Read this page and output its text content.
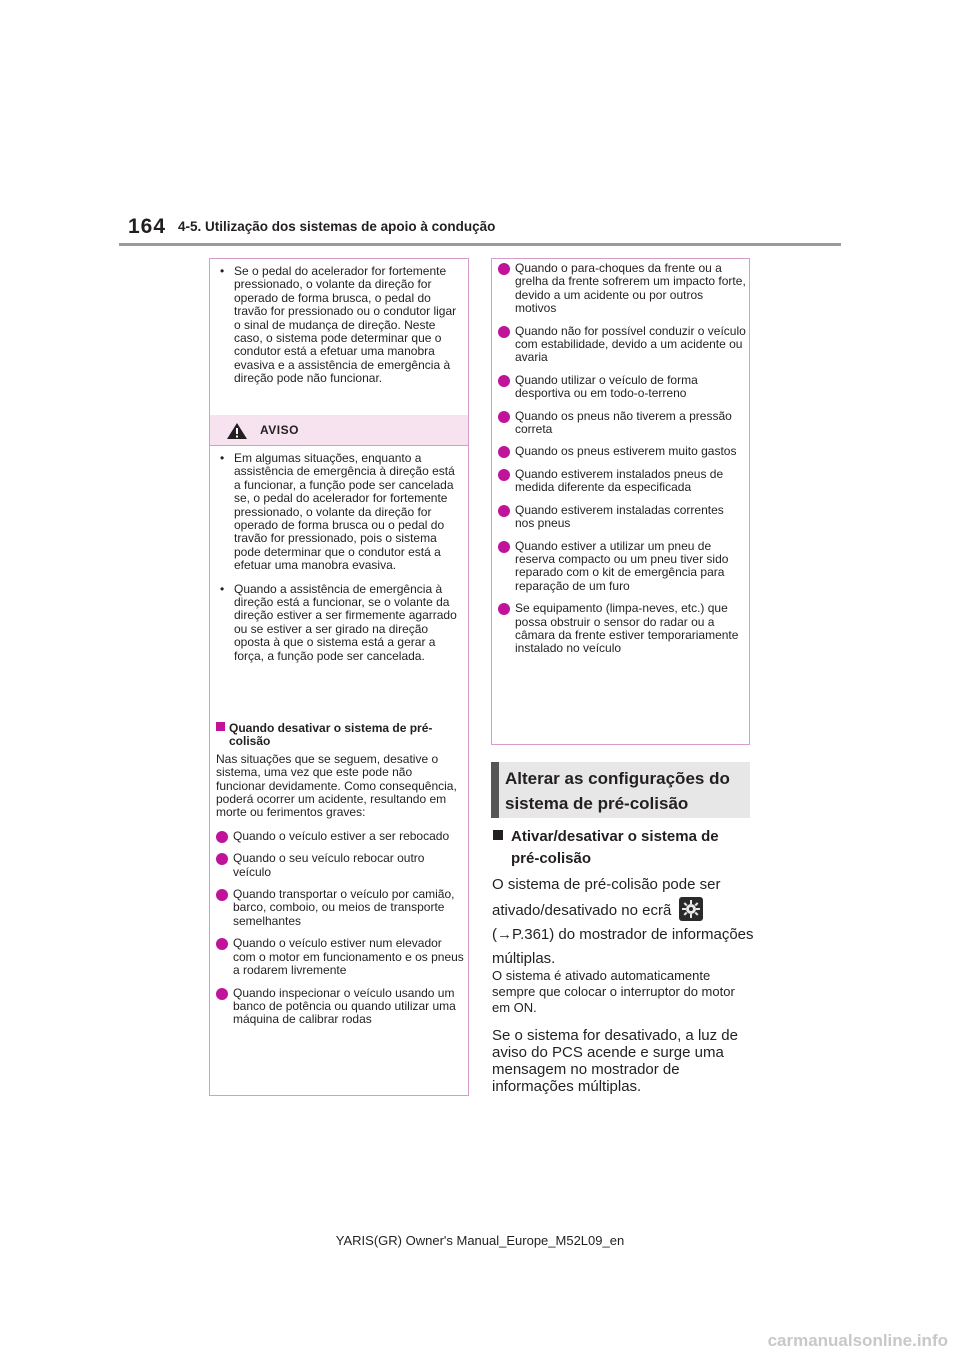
164 4-5. Utilização dos sistemas de apoio à condução
• Se o pedal do acelerador for fortemente pressionado, o volante da direção for operado de forma brusca, o pedal do travão for pressionado ou o condutor ligar o sinal de mudança de direção. Neste caso, o sistema pode determinar que o condutor está a efetuar uma manobra evasiva e a assistência de emergência à direção pode não funcionar.
AVISO
• Em algumas situações, enquanto a assistência de emergência à direção está a funcionar, a função pode ser cancelada se, o pedal do acelerador for fortemente pressionado, o volante da direção for operado de forma brusca ou o pedal do travão for pressionado, pois o sistema pode determinar que o condutor está a efetuar uma manobra evasiva.
• Quando a assistência de emergência à direção está a funcionar, se o volante da direção estiver a ser firmemente agarrado ou se estiver a ser girado na direção oposta à que o sistema está a gerar a força, a função pode ser cancelada.
Quando desativar o sistema de pré-colisão
Nas situações que se seguem, desative o sistema, uma vez que este pode não funcionar devidamente. Como consequência, poderá ocorrer um acidente, resultando em morte ou ferimentos graves:
Quando o veículo estiver a ser rebocado
Quando o seu veículo rebocar outro veículo
Quando transportar o veículo por camião, barco, comboio, ou meios de transporte semelhantes
Quando o veículo estiver num elevador com o motor em funcionamento e os pneus a rodarem livremente
Quando inspecionar o veículo usando um banco de potência ou quando utilizar uma máquina de calibrar rodas
Quando o para-choques da frente ou a grelha da frente sofrerem um impacto forte, devido a um acidente ou por outros motivos
Quando não for possível conduzir o veículo com estabilidade, devido a um acidente ou avaria
Quando utilizar o veículo de forma desportiva ou em todo-o-terreno
Quando os pneus não tiverem a pressão correta
Quando os pneus estiverem muito gastos
Quando estiverem instalados pneus de medida diferente da especificada
Quando estiverem instaladas correntes nos pneus
Quando estiver a utilizar um pneu de reserva compacto ou um pneu tiver sido reparado com o kit de emergência para reparação de um furo
Se equipamento (limpa-neves, etc.) que possa obstruir o sensor do radar ou a câmara da frente estiver temporariamente instalado no veículo
Alterar as configurações do sistema de pré-colisão
Ativar/desativar o sistema de
pré-colisão
O sistema de pré-colisão pode ser ativado/desativado no ecrã
(→P.361) do mostrador de informações múltiplas.
O sistema é ativado automaticamente sempre que colocar o interruptor do motor em ON.
Se o sistema for desativado, a luz de aviso do PCS acende e surge uma mensagem no mostrador de informações múltiplas.
YARIS(GR) Owner's Manual_Europe_M52L09_en
carmanualsonline.info
